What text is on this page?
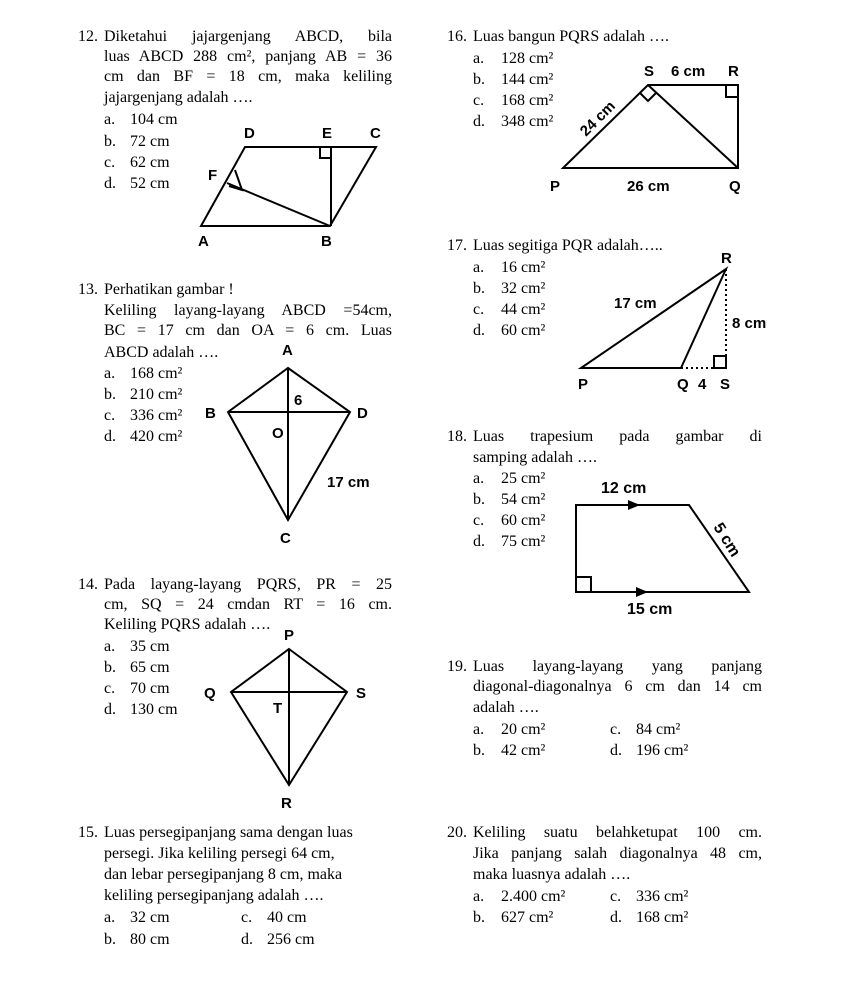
12. Diketahui jajargenjang ABCD, bila
luas ABCD 288 cm², panjang AB = 36
cm dan BF = 18 cm, maka keliling
jajargenjang adalah ….
a. 104 cm
b. 72 cm
c. 62 cm
d. 52 cm
D	E	C
F
A	B
13. Perhatikan gambar !
Keliling layang-layang ABCD =54cm,
BC = 17 cm dan OA = 6 cm. Luas
ABCD adalah ….
a. 168 cm²
b. 210 cm²
c. 336 cm²
d. 420 cm²
A
B	D
O
6
17 cm
C
14. Pada layang-layang PQRS, PR = 25
cm, SQ = 24 cmdan RT = 16 cm.
Keliling PQRS adalah ….
a. 35 cm
b. 65 cm
c. 70 cm
d. 130 cm
P
Q	S
T
R
15. Luas persegipanjang sama dengan luas
persegi. Jika keliling persegi 64 cm,
dan lebar persegipanjang 8 cm, maka
keliling persegipanjang adalah ….
a. 32 cm	c. 40 cm
b. 80 cm	d. 256 cm
16. Luas bangun PQRS adalah ….
a. 128 cm²
b. 144 cm²
c. 168 cm²
d. 348 cm²
S 6 cm R
24 cm
P	26 cm	Q
17. Luas segitiga PQR adalah…..
a. 16 cm²
b. 32 cm²
c. 44 cm²
d. 60 cm²
R
17 cm
8 cm
P	Q 4 S
18. Luas trapesium pada gambar di
samping adalah ….
a. 25 cm²
b. 54 cm²
c. 60 cm²
d. 75 cm²
12 cm
15 cm
5 cm
19. Luas layang-layang yang panjang
diagonal-diagonalnya 6 cm dan 14 cm
adalah ….
a. 20 cm²	c. 84 cm²
b. 42 cm²	d. 196 cm²
20. Keliling suatu belahketupat 100 cm.
Jika panjang salah diagonalnya 48 cm,
maka luasnya adalah ….
a. 2.400 cm²	c. 336 cm²
b. 627 cm²	d. 168 cm²
